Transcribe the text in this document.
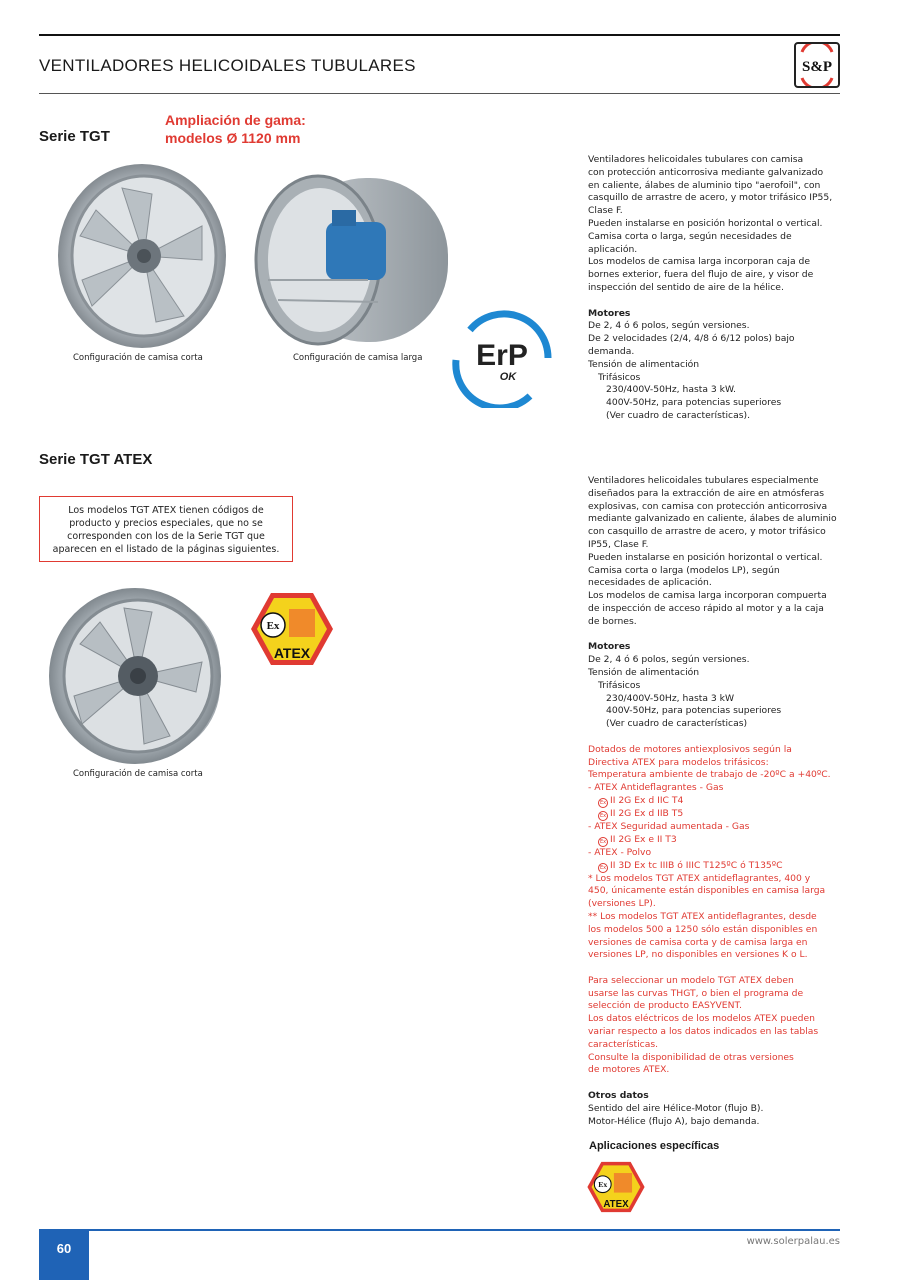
VENTILADORES HELICOIDALES TUBULARES	S&P
Serie TGT
Ampliación de gama:
modelos Ø 1120 mm
Configuración de camisa corta	Configuración de camisa larga ErP
OK

Ventiladores helicoidales tubulares con camisa

con protección anticorrosiva mediante galvanizado

en caliente, álabes de aluminio tipo "aerofoil", con

casquillo de arrastre de acero, y motor trifásico IP55,

Clase F.

Pueden instalarse en posición horizontal o vertical.

Camisa corta o larga, según necesidades de

aplicación.

Los modelos de camisa larga incorporan caja de

bornes exterior, fuera del flujo de aire, y visor de

inspección del sentido de aire de la hélice.

Motores

De 2, 4 ó 6 polos, según versiones.

De 2 velocidades (2/4, 4/8 ó 6/12 polos) bajo

demanda.

Tensión de alimentación

Trifásicos

230/400V-50Hz, hasta 3 kW.

400V-50Hz, para potencias superiores

(Ver cuadro de características).

Serie TGT ATEX
Los modelos TGT ATEX tienen códigos de producto y precios especiales, que no se corresponden con los de la Serie TGT que aparecen en el listado de la páginas siguientes.
Configuración de camisa corta
Ex
ATEX

Ventiladores helicoidales tubulares especialmente

diseñados para la extracción de aire en atmósferas

explosivas, con camisa con protección anticorrosiva

mediante galvanizado en caliente, álabes de aluminio

con casquillo de arrastre de acero, y motor trifásico

IP55, Clase F.

Pueden instalarse en posición horizontal o vertical.

Camisa corta o larga (modelos LP), según

necesidades de aplicación.

Los modelos de camisa larga incorporan compuerta

de inspección de acceso rápido al motor y a la caja

de bornes.

Motores

De 2, 4 ó 6 polos, según versiones.

Tensión de alimentación

Trifásicos

230/400V-50Hz, hasta 3 kW

400V-50Hz, para potencias superiores

(Ver cuadro de características)

Dotados de motores antiexplosivos según la

Directiva ATEX para modelos trifásicos:

Temperatura ambiente de trabajo de -20ºC a +40ºC.

- ATEX Antideflagrantes - Gas

Ex II 2G Ex d IIC T4

Ex II 2G Ex d IIB T5

- ATEX Seguridad aumentada - Gas

Ex II 2G Ex e II T3

- ATEX - Polvo

Ex II 3D Ex tc IIIB ó IIIC T125ºC ó T135ºC

* Los modelos TGT ATEX antideflagrantes, 400 y

450, únicamente están disponibles en camisa larga

(versiones LP).

** Los modelos TGT ATEX antideflagrantes, desde

los modelos 500 a 1250 sólo están disponibles en

versiones de camisa corta y de camisa larga en

versiones LP, no disponibles en versiones K o L.

Para seleccionar un modelo TGT ATEX deben

usarse las curvas THGT, o bien el programa de

selección de producto EASYVENT.

Los datos eléctricos de los modelos ATEX pueden

variar respecto a los datos indicados en las tablas

características.

Consulte la disponibilidad de otras versiones

de motores ATEX.

Otros datos

Sentido del aire Hélice-Motor (flujo B).

Motor-Hélice (flujo A), bajo demanda.

Aplicaciones específicas
Ex
ATEX
60	www.solerpalau.es
